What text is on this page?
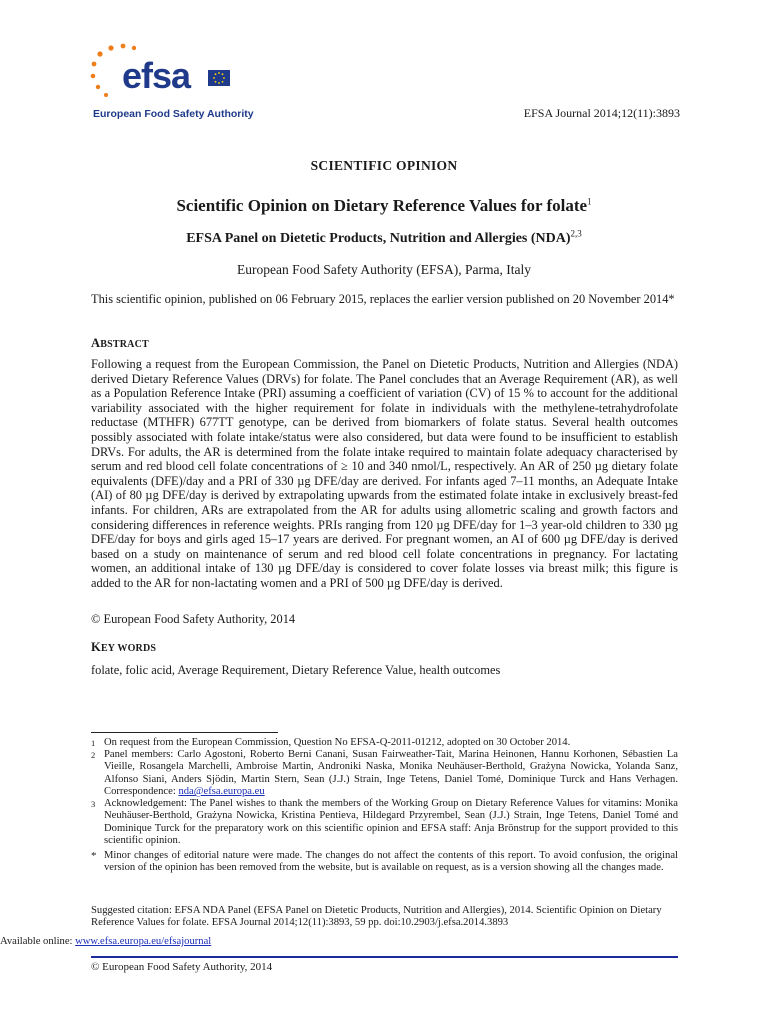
efsa
European Food Safety Authority	EFSA Journal 2014;12(11):3893
SCIENTIFIC OPINION
Scientific Opinion on Dietary Reference Values for folate$^1$
EFSA Panel on Dietetic Products, Nutrition and Allergies (NDA)$^{2,3}$
European Food Safety Authority (EFSA), Parma, Italy
This scientific opinion, published on 06 February 2015, replaces the earlier version published on 20 November 2014*
ABSTRACT
Following a request from the European Commission, the Panel on Dietetic Products, Nutrition and Allergies (NDA) derived Dietary Reference Values (DRVs) for folate. The Panel concludes that an Average Requirement (AR), as well as a Population Reference Intake (PRI) assuming a coefficient of variation (CV) of 15 % to account for the additional variability associated with the higher requirement for folate in individuals with the methylene-tetrahydrofolate reductase (MTHFR) 677TT genotype, can be derived from biomarkers of folate status. Several health outcomes possibly associated with folate intake/status were also considered, but data were found to be insufficient to establish DRVs. For adults, the AR is determined from the folate intake required to maintain folate adequacy characterised by serum and red blood cell folate concentrations of ≥ 10 and 340 nmol/L, respectively. An AR of 250 µg dietary folate equivalents (DFE)/day and a PRI of 330 µg DFE/day are derived. For infants aged 7–11 months, an Adequate Intake (AI) of 80 µg DFE/day is derived by extrapolating upwards from the estimated folate intake in exclusively breast-fed infants. For children, ARs are extrapolated from the AR for adults using allometric scaling and growth factors and considering differences in reference weights. PRIs ranging from 120 µg DFE/day for 1–3 year-old children to 330 µg DFE/day for boys and girls aged 15–17 years are derived. For pregnant women, an AI of 600 µg DFE/day is derived based on a study on maintenance of serum and red blood cell folate concentrations in pregnancy. For lactating women, an additional intake of 130 µg DFE/day is considered to cover folate losses via breast milk; this figure is added to the AR for non-lactating women and a PRI of 500 µg DFE/day is derived.
© European Food Safety Authority, 2014
KEY WORDS
folate, folic acid, Average Requirement, Dietary Reference Value, health outcomes
1 On request from the European Commission, Question No EFSA-Q-2011-01212, adopted on 30 October 2014.
2 Panel members: Carlo Agostoni, Roberto Berni Canani, Susan Fairweather-Tait, Marina Heinonen, Hannu Korhonen, Sébastien La Vieille, Rosangela Marchelli, Ambroise Martin, Androniki Naska, Monika Neuhäuser-Berthold, Grażyna Nowicka, Yolanda Sanz, Alfonso Siani, Anders Sjödin, Martin Stern, Sean (J.J.) Strain, Inge Tetens, Daniel Tomé, Dominique Turck and Hans Verhagen. Correspondence: nda@efsa.europa.eu
3 Acknowledgement: The Panel wishes to thank the members of the Working Group on Dietary Reference Values for vitamins: Monika Neuhäuser-Berthold, Grażyna Nowicka, Kristina Pentieva, Hildegard Przyrembel, Sean (J.J.) Strain, Inge Tetens, Daniel Tomé and Dominique Turck for the preparatory work on this scientific opinion and EFSA staff: Anja Brönstrup for the support provided to this scientific opinion.
* Minor changes of editorial nature were made. The changes do not affect the contents of this report. To avoid confusion, the original version of the opinion has been removed from the website, but is available on request, as is a version showing all the changes made.
Suggested citation: EFSA NDA Panel (EFSA Panel on Dietetic Products, Nutrition and Allergies), 2014. Scientific Opinion on Dietary Reference Values for folate. EFSA Journal 2014;12(11):3893, 59 pp. doi:10.2903/j.efsa.2014.3893
Available online: www.efsa.europa.eu/efsajournal
© European Food Safety Authority, 2014
